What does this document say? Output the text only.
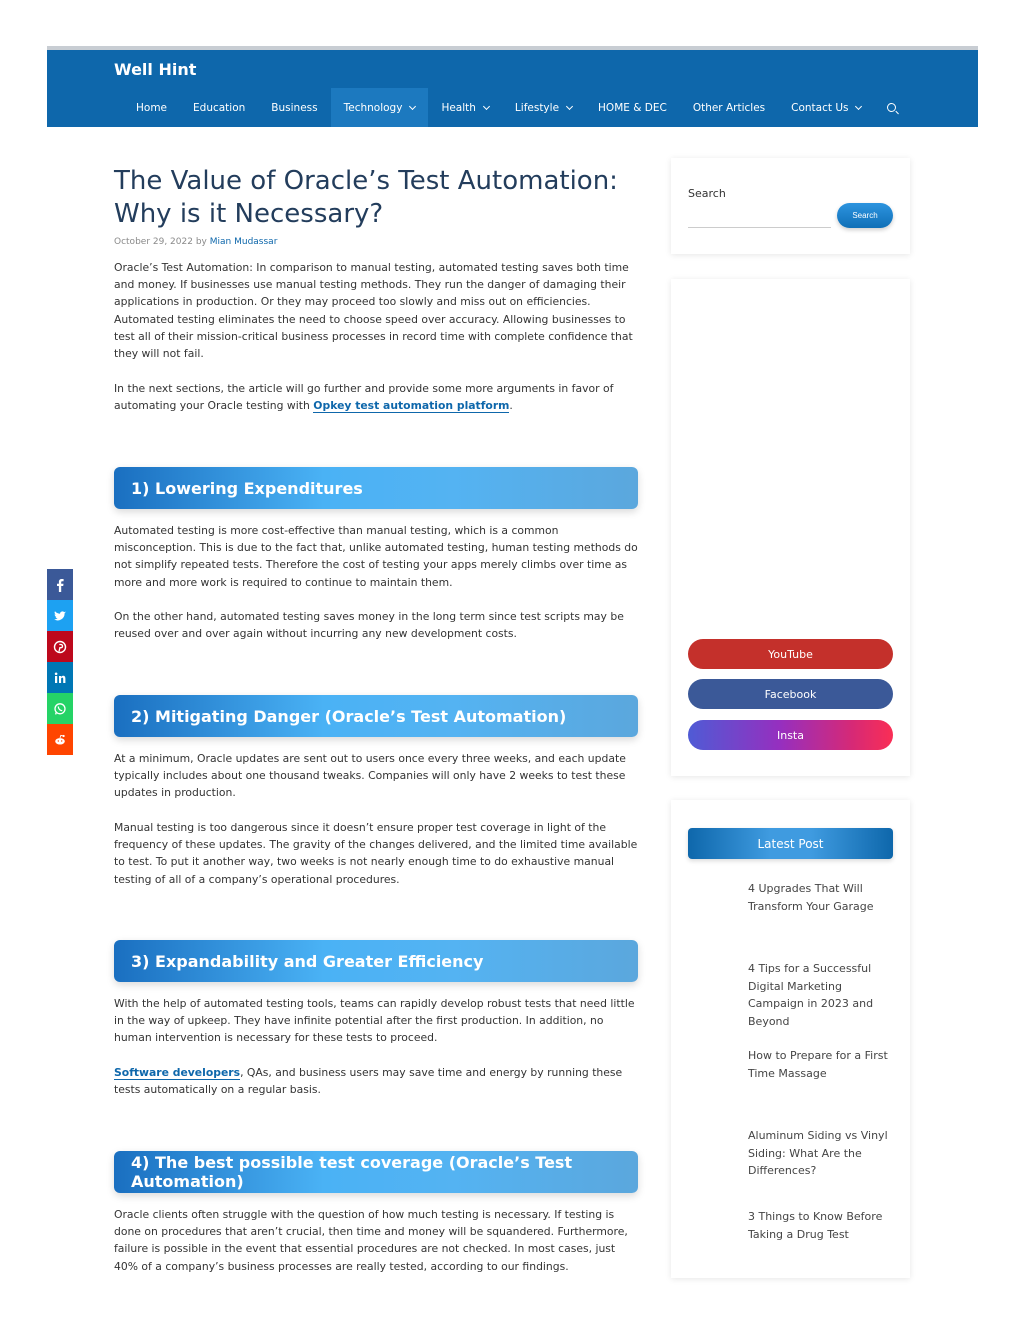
Well Hint
Home Education Business Technology	Health	Lifestyle	HOME & DEC Other Articles Contact Us
The Value of Oracle’s Test Automation: Why is it Necessary?
October 29, 2022 by Mian Mudassar

Oracle’s Test Automation: In comparison to manual testing, automated testing saves both time and money. If businesses use manual testing methods. They run the danger of damaging their applications in production. Or they may proceed too slowly and miss out on efficiencies. Automated testing eliminates the need to choose speed over accuracy. Allowing businesses to test all of their mission-critical business processes in record time with complete confidence that they will not fail.

In the next sections, the article will go further and provide some more arguments in favor of automating your Oracle testing with Opkey test automation platform.

1) Lowering Expenditures

Automated testing is more cost-effective than manual testing, which is a common misconception. This is due to the fact that, unlike automated testing, human testing methods do not simplify repeated tests. Therefore the cost of testing your apps merely climbs over time as more and more work is required to continue to maintain them.

On the other hand, automated testing saves money in the long term since test scripts may be reused over and over again without incurring any new development costs.

2) Mitigating Danger (Oracle’s Test Automation)

At a minimum, Oracle updates are sent out to users once every three weeks, and each update typically includes about one thousand tweaks. Companies will only have 2 weeks to test these updates in production.

Manual testing is too dangerous since it doesn’t ensure proper test coverage in light of the frequency of these updates. The gravity of the changes delivered, and the limited time available to test. To put it another way, two weeks is not nearly enough time to do exhaustive manual testing of all of a company’s operational procedures.

3) Expandability and Greater Efficiency

With the help of automated testing tools, teams can rapidly develop robust tests that need little in the way of upkeep. They have infinite potential after the first production. In addition, no human intervention is necessary for these tests to proceed.

Software developers, QAs, and business users may save time and energy by running these tests automatically on a regular basis.

4) The best possible test coverage (Oracle’s Test Automation)

Oracle clients often struggle with the question of how much testing is necessary. If testing is done on procedures that aren’t crucial, then time and money will be squandered. Furthermore, failure is possible in the event that essential procedures are not checked. In most cases, just 40% of a company’s business processes are really tested, according to our findings.

Search
Search
YouTube
Facebook
Insta
Latest Post
4 Upgrades That Will Transform Your Garage
4 Tips for a Successful Digital Marketing Campaign in 2023 and Beyond
How to Prepare for a First Time Massage
Aluminum Siding vs Vinyl Siding: What Are the Differences?
3 Things to Know Before Taking a Drug Test
